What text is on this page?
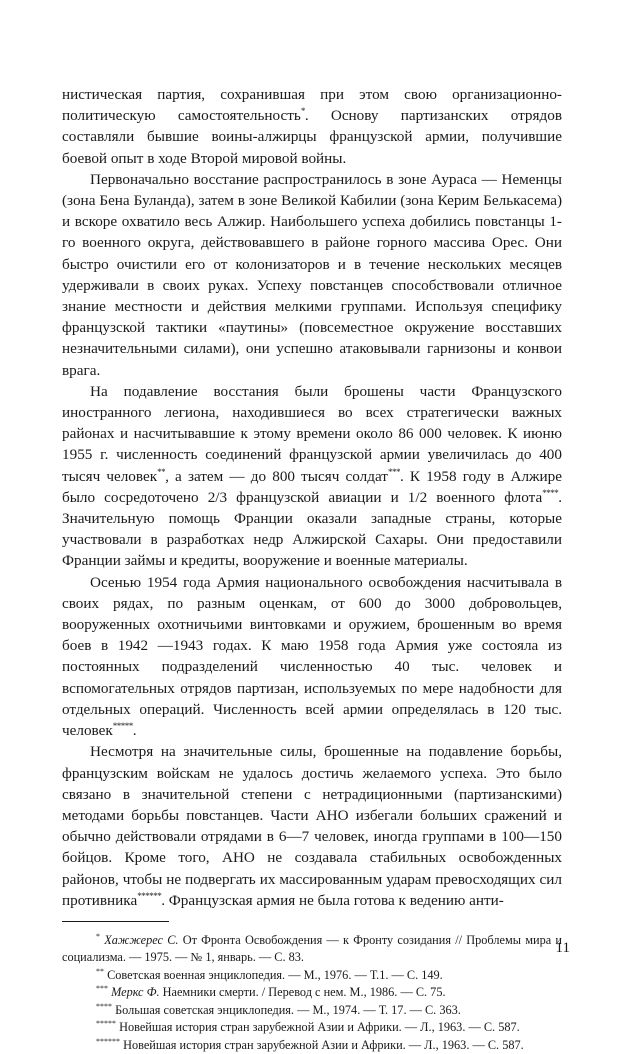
нистическая партия, сохранившая при этом свою организационно-политическую самостоятельность*. Основу партизанских отрядов составляли бывшие воины-алжирцы французской армии, получившие боевой опыт в ходе Второй мировой войны.

Первоначально восстание распространилось в зоне Ауpаса — Неменцы (зона Бена Буланда), затем в зоне Великой Кабилии (зона Керим Белькасема) и вскоре охватило весь Алжир. Наибольшего успеха добились повстанцы 1-го военного округа, действовавшего в районе горного массива Орес. Они быстро очистили его от колонизаторов и в течение нескольких месяцев удерживали в своих руках. Успеху повстанцев способствовали отличное знание местности и действия мелкими группами. Используя специфику французской тактики «паутины» (повсеместное окружение восставших незначительными силами), они успешно атаковывали гарнизоны и конвои врага.

На подавление восстания были брошены части Французского иностранного легиона, находившиеся во всех стратегически важных районах и насчитывавшие к этому времени около 86 000 человек. К июню 1955 г. численность соединений французской армии увеличилась до 400 тысяч человек**, а затем — до 800 тысяч солдат***. К 1958 году в Алжире было сосредоточено 2/3 французской авиации и 1/2 военного флота****. Значительную помощь Франции оказали западные страны, которые участвовали в разработках недр Алжирской Сахары. Они предоставили Франции займы и кредиты, вооружение и военные материалы.

Осенью 1954 года Армия национального освобождения насчитывала в своих рядах, по разным оценкам, от 600 до 3000 добровольцев, вооруженных охотничьими винтовками и оружием, брошенным во время боев в 1942 —1943 годах. К маю 1958 года Армия уже состояла из постоянных подразделений численностью 40 тыс. человек и вспомогательных отрядов партизан, используемых по мере надобности для отдельных операций. Численность всей армии определялась в 120 тыс. человек*****.

Несмотря на значительные силы, брошенные на подавление борьбы, французским войскам не удалось достичь желаемого успеха. Это было связано в значительной степени с нетрадиционными (партизанскими) методами борьбы повстанцев. Части АНО избегали больших сражений и обычно действовали отрядами в 6—7 человек, иногда группами в 100—150 бойцов. Кроме того, АНО не создавала стабильных освобожденных районов, чтобы не подвергать их массированным ударам превосходящих сил противника******. Французская армия не была готова к ведению анти-

* Хажжерес С. От Фронта Освобождения — к Фронту созидания // Проблемы мира и социализма. — 1975. — № 1, январь. — С. 83.

** Советская военная энциклопедия. — М., 1976. — Т.1. — С. 149.

*** Меркс Ф. Наемники смерти. / Перевод с нем. М., 1986. — С. 75.

**** Большая советская энциклопедия. — М., 1974. — Т. 17. — С. 363.

***** Новейшая история стран зарубежной Азии и Африки. — Л., 1963. — С. 587.

****** Новейшая история стран зарубежной Азии и Африки. — Л., 1963. — С. 587.

11
